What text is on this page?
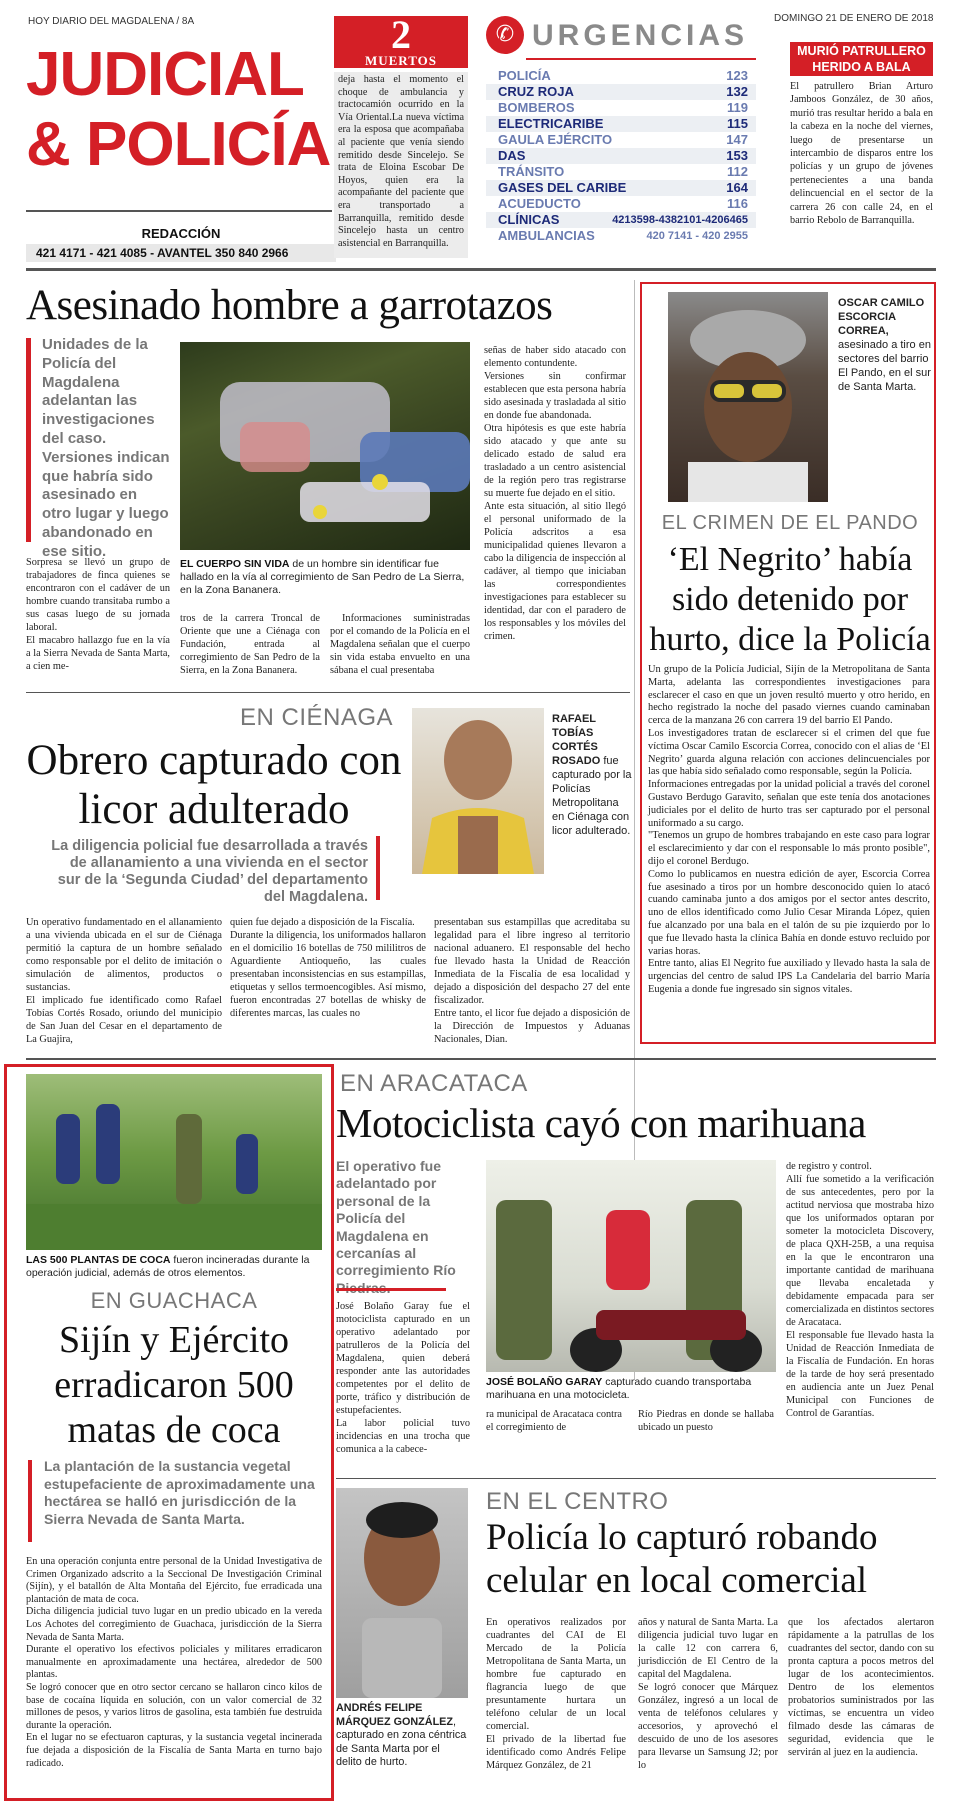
HOY DIARIO DEL MAGDALENA / 8A	DOMINGO 21 DE ENERO DE 2018
JUDICIAL
& POLICÍA
REDACCIÓN
421 4171 - 421 4085 - AVANTEL 350 840 2966
2
MUERTOS
deja hasta el momento el choque de ambulancia y tractocamión ocurrido en la Vía Oriental.La nueva víctima era la esposa que acompañaba al paciente que venía siendo remitido desde Sincelejo. Se trata de Eloina Escobar De Hoyos, quien era la acompañante del paciente que era transportado a Barranquilla, remitido desde Sincelejo hasta un centro asistencial en Barranquilla.
✆ URGENCIAS
POLICÍA	123
CRUZ ROJA	132
BOMBEROS	119
ELECTRICARIBE	115
GAULA EJÉRCITO	147
DAS	153
TRÁNSITO	112
GASES DEL CARIBE	164
ACUEDUCTO	116
CLÍNICAS	4213598-4382101-4206465
AMBULANCIAS	420 7141 - 420 2955
MURIÓ PATRULLERO HERIDO A BALA
El patrullero Brian Arturo Jamboos González, de 30 años, murió tras resultar herido a bala en la cabeza en la noche del viernes, luego de presentarse un intercambio de disparos entre los policías y un grupo de jóvenes pertenecientes a una banda delincuencial en el sector de la carrera 26 con calle 24, en el barrio Rebolo de Barranquilla.
Asesinado hombre a garrotazos
Unidades de la Policía del Magdalena adelantan las investigaciones del caso. Versiones indican que habría sido asesinado en otro lugar y luego abandonado en ese sitio.
Sorpresa se llevó un grupo de trabajadores de finca quienes se encontraron con el cadáver de un hombre cuando transitaba rumbo a sus casas luego de su jornada laboral.
El macabro hallazgo fue en la vía a la Sierra Nevada de Santa Marta, a cien me-
EL CUERPO SIN VIDA de un hombre sin identificar fue hallado en la vía al corregimiento de San Pedro de La Sierra, en la Zona Bananera.
tros de la carrera Troncal de Oriente que une a Ciénaga con Fundación, entrada al corregimiento de San Pedro de la Sierra, en la Zona Bananera.
Informaciones suministradas por el comando de la Policía en el Magdalena señalan que el cuerpo sin vida estaba envuelto en una sábana el cual presentaba
señas de haber sido atacado con elemento contundente.
Versiones sin confirmar establecen que esta persona habría sido asesinada y trasladada al sitio en donde fue abandonada.
Otra hipótesis es que este habría sido atacado y que ante su delicado estado de salud era trasladado a un centro asistencial de la región pero tras registrarse su muerte fue dejado en el sitio.
Ante esta situación, al sitio llegó el personal uniformado de la Policía adscritos a esa municipalidad quienes llevaron a cabo la diligencia de inspección al cadáver, al tiempo que iniciaban las correspondientes investigaciones para establecer su identidad, dar con el paradero de los responsables y los móviles del crimen.
OSCAR CAMILO ESCORCIA CORREA, asesinado a tiro en sectores del barrio El Pando, en el sur de Santa Marta.
EL CRIMEN DE EL PANDO
‘El Negrito’ había sido detenido por hurto, dice la Policía
Un grupo de la Policía Judicial, Sijín de la Metropolitana de Santa Marta, adelanta las correspondientes investigaciones para esclarecer el caso en que un joven resultó muerto y otro herido, en hecho registrado la noche del pasado viernes cuando caminaban cerca de la manzana 26 con carrera 19 del barrio El Pando.
Los investigadores tratan de esclarecer si el crimen del que fue víctima Oscar Camilo Escorcia Correa, conocido con el alias de ‘El Negrito’ guarda alguna relación con acciones delincuenciales por las que había sido señalado como responsable, según la Policía.
Informaciones entregadas por la unidad policial a través del coronel Gustavo Berdugo Garavito, señalan que este tenía dos anotaciones judiciales por el delito de hurto tras ser capturado por el personal uniformado a su cargo.
"Tenemos un grupo de hombres trabajando en este caso para lograr el esclarecimiento y dar con el responsable lo más pronto posible", dijo el coronel Berdugo.
Como lo publicamos en nuestra edición de ayer, Escorcia Correa fue asesinado a tiros por un hombre desconocido quien lo atacó cuando caminaba junto a dos amigos por el sector antes descrito, uno de ellos identificado como Julio Cesar Miranda López, quien fue alcanzado por una bala en el talón de su pie izquierdo por lo que fue llevado hasta la clínica Bahía en donde estuvo recluido por varias horas.
Entre tanto, alias El Negrito fue auxiliado y llevado hasta la sala de urgencias del centro de salud IPS La Candelaria del barrio María Eugenia a donde fue ingresado sin signos vitales.
EN CIÉNAGA
Obrero capturado con licor adulterado
La diligencia policial fue desarrollada a través de allanamiento a una vivienda en el sector sur de la ‘Segunda Ciudad’ del departamento del Magdalena.
RAFAEL TOBÍAS CORTÉS ROSADO fue capturado por la Policías Metropolitana en Ciénaga con licor adulterado.
Un operativo fundamentado en el allanamiento a una vivienda ubicada en el sur de Ciénaga permitió la captura de un hombre señalado como responsable por el delito de imitación o simulación de alimentos, productos o sustancias.
El implicado fue identificado como Rafael Tobías Cortés Rosado, oriundo del municipio de San Juan del Cesar en el departamento de La Guajira,
quien fue dejado a disposición de la Fiscalía.
Durante la diligencia, los uniformados hallaron en el domicilio 16 botellas de 750 mililitros de Aguardiente Antioqueño, las cuales presentaban inconsistencias en sus estampillas, etiquetas y sellos termoencogibles. Así mismo, fueron encontradas 27 botellas de whisky de diferentes marcas, las cuales no
presentaban sus estampillas que acreditaba su legalidad para el libre ingreso al territorio nacional aduanero. El responsable del hecho fue llevado hasta la Unidad de Reacción Inmediata de la Fiscalía de esa localidad y dejado a disposición del despacho 27 del ente fiscalizador.
Entre tanto, el licor fue dejado a disposición de la Dirección de Impuestos y Aduanas Nacionales, Dian.
LAS 500 PLANTAS DE COCA fueron incineradas durante la operación judicial, además de otros elementos.
EN GUACHACA
Sijín y Ejército erradicaron 500 matas de coca
La plantación de la sustancia vegetal estupefaciente de aproximadamente una hectárea se halló en jurisdicción de la Sierra Nevada de Santa Marta.
En una operación conjunta entre personal de la Unidad Investigativa de Crimen Organizado adscrito a la Seccional De Investigación Criminal (Sijín), y el batallón de Alta Montaña del Ejército, fue erradicada una plantación de mata de coca.
Dicha diligencia judicial tuvo lugar en un predio ubicado en la vereda Los Achotes del corregimiento de Guachaca, jurisdicción de la Sierra Nevada de Santa Marta.
Durante el operativo los efectivos policiales y militares erradicaron manualmente en aproximadamente una hectárea, alrededor de 500 plantas.
Se logró conocer que en otro sector cercano se hallaron cinco kilos de base de cocaína líquida en solución, con un valor comercial de 32 millones de pesos, y varios litros de gasolina, esta también fue destruida durante la operación.
En el lugar no se efectuaron capturas, y la sustancia vegetal incinerada fue dejada a disposición de la Fiscalía de Santa Marta en turno bajo radicado.
EN ARACATACA
Motociclista cayó con marihuana
El operativo fue adelantado por personal de la Policía del Magdalena en cercanías al corregimiento Río
José Bolaño Garay fue el motociclista capturado en un operativo adelantado por patrulleros de la Policía del Magdalena, quien deberá responder ante las autoridades competentes por el delito de porte, tráfico y distribución de estupefacientes.
La labor policial tuvo incidencias en una trocha que comunica a la cabece-
JOSÉ BOLAÑO GARAY capturado cuando transportaba marihuana en una motocicleta.
ra municipal de Aracataca contra el corregimiento de
Río Piedras en donde se hallaba ubicado un puesto
de registro y control.
Allí fue sometido a la verificación de sus antecedentes, pero por la actitud nerviosa que mostraba hizo que los uniformados optaran por someter la motocicleta Discovery, de placa QXH-25B, a una requisa en la que le encontraron una importante cantidad de marihuana que llevaba encaletada y debidamente empacada para ser comercializada en distintos sectores de Aracataca.
El responsable fue llevado hasta la Unidad de Reacción Inmediata de la Fiscalía de Fundación. En horas de la tarde de hoy será presentado en audiencia ante un Juez Penal Municipal con Funciones de Control de Garantías.
ANDRÉS FELIPE MÁRQUEZ GONZÁLEZ, capturado en zona céntrica de Santa Marta por el delito de hurto.
EN EL CENTRO
Policía lo capturó robando celular en local comercial
En operativos realizados por cuadrantes del CAI de El Mercado de la Policía Metropolitana de Santa Marta, un hombre fue capturado en flagrancia luego de que presuntamente hurtara un teléfono celular de un local comercial.
El privado de la libertad fue identificado como Andrés Felipe Márquez González, de 21
años y natural de Santa Marta. La diligencia judicial tuvo lugar en la calle 12 con carrera 6, jurisdicción de El Centro de la capital del Magdalena.
Se logró conocer que Márquez González, ingresó a un local de venta de teléfonos celulares y accesorios, y aprovechó el descuido de uno de los asesores para llevarse un Samsung J2; por lo
que los afectados alertaron rápidamente a la patrullas de los cuadrantes del sector, dando con su pronta captura a pocos metros del lugar de los acontecimientos. Dentro de los elementos probatorios suministrados por las víctimas, se encuentra un video filmado desde las cámaras de seguridad, evidencia que le servirán al juez en la audiencia.
